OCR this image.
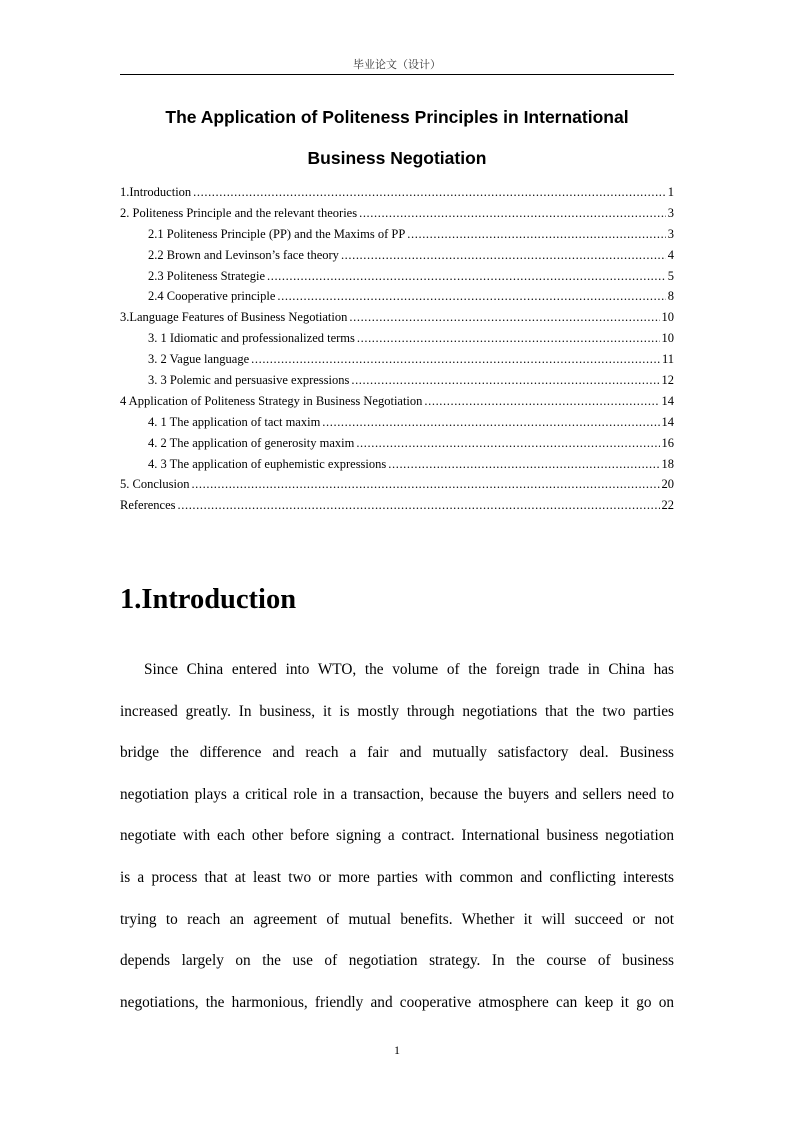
毕业论文（设计）
The Application of Politeness Principles in International
Business Negotiation
1.Introduction .....	1
2. Politeness Principle and the relevant theories .....	3
2.1 Politeness Principle (PP) and the Maxims of PP .....	3
2.2 Brown and Levinson’s face theory .....	4
2.3 Politeness Strategie .....	5
2.4 Cooperative principle .....	8
3.Language Features of Business Negotiation .....	10
3. 1 Idiomatic and professionalized terms .....	10
3. 2 Vague language .....	11
3. 3 Polemic and persuasive expressions .....	12
4 Application of Politeness Strategy in Business Negotiation .....	14
4. 1 The application of tact maxim .....	14
4. 2 The application of generosity maxim .....	16
4. 3 The application of euphemistic expressions .....	18
5. Conclusion .....	20
References .....	22
1.Introduction
Since China entered into WTO, the volume of the foreign trade in China has
increased greatly. In business, it is mostly through negotiations that the two parties
bridge the difference and reach a fair and mutually satisfactory deal. Business
negotiation plays a critical role in a transaction, because the buyers and sellers need to
negotiate with each other before signing a contract. International business negotiation
is a process that at least two or more parties with common and conflicting interests
trying to reach an agreement of mutual benefits. Whether it will succeed or not
depends largely on the use of negotiation strategy. In the course of business
negotiations, the harmonious, friendly and cooperative atmosphere can keep it go on
1
